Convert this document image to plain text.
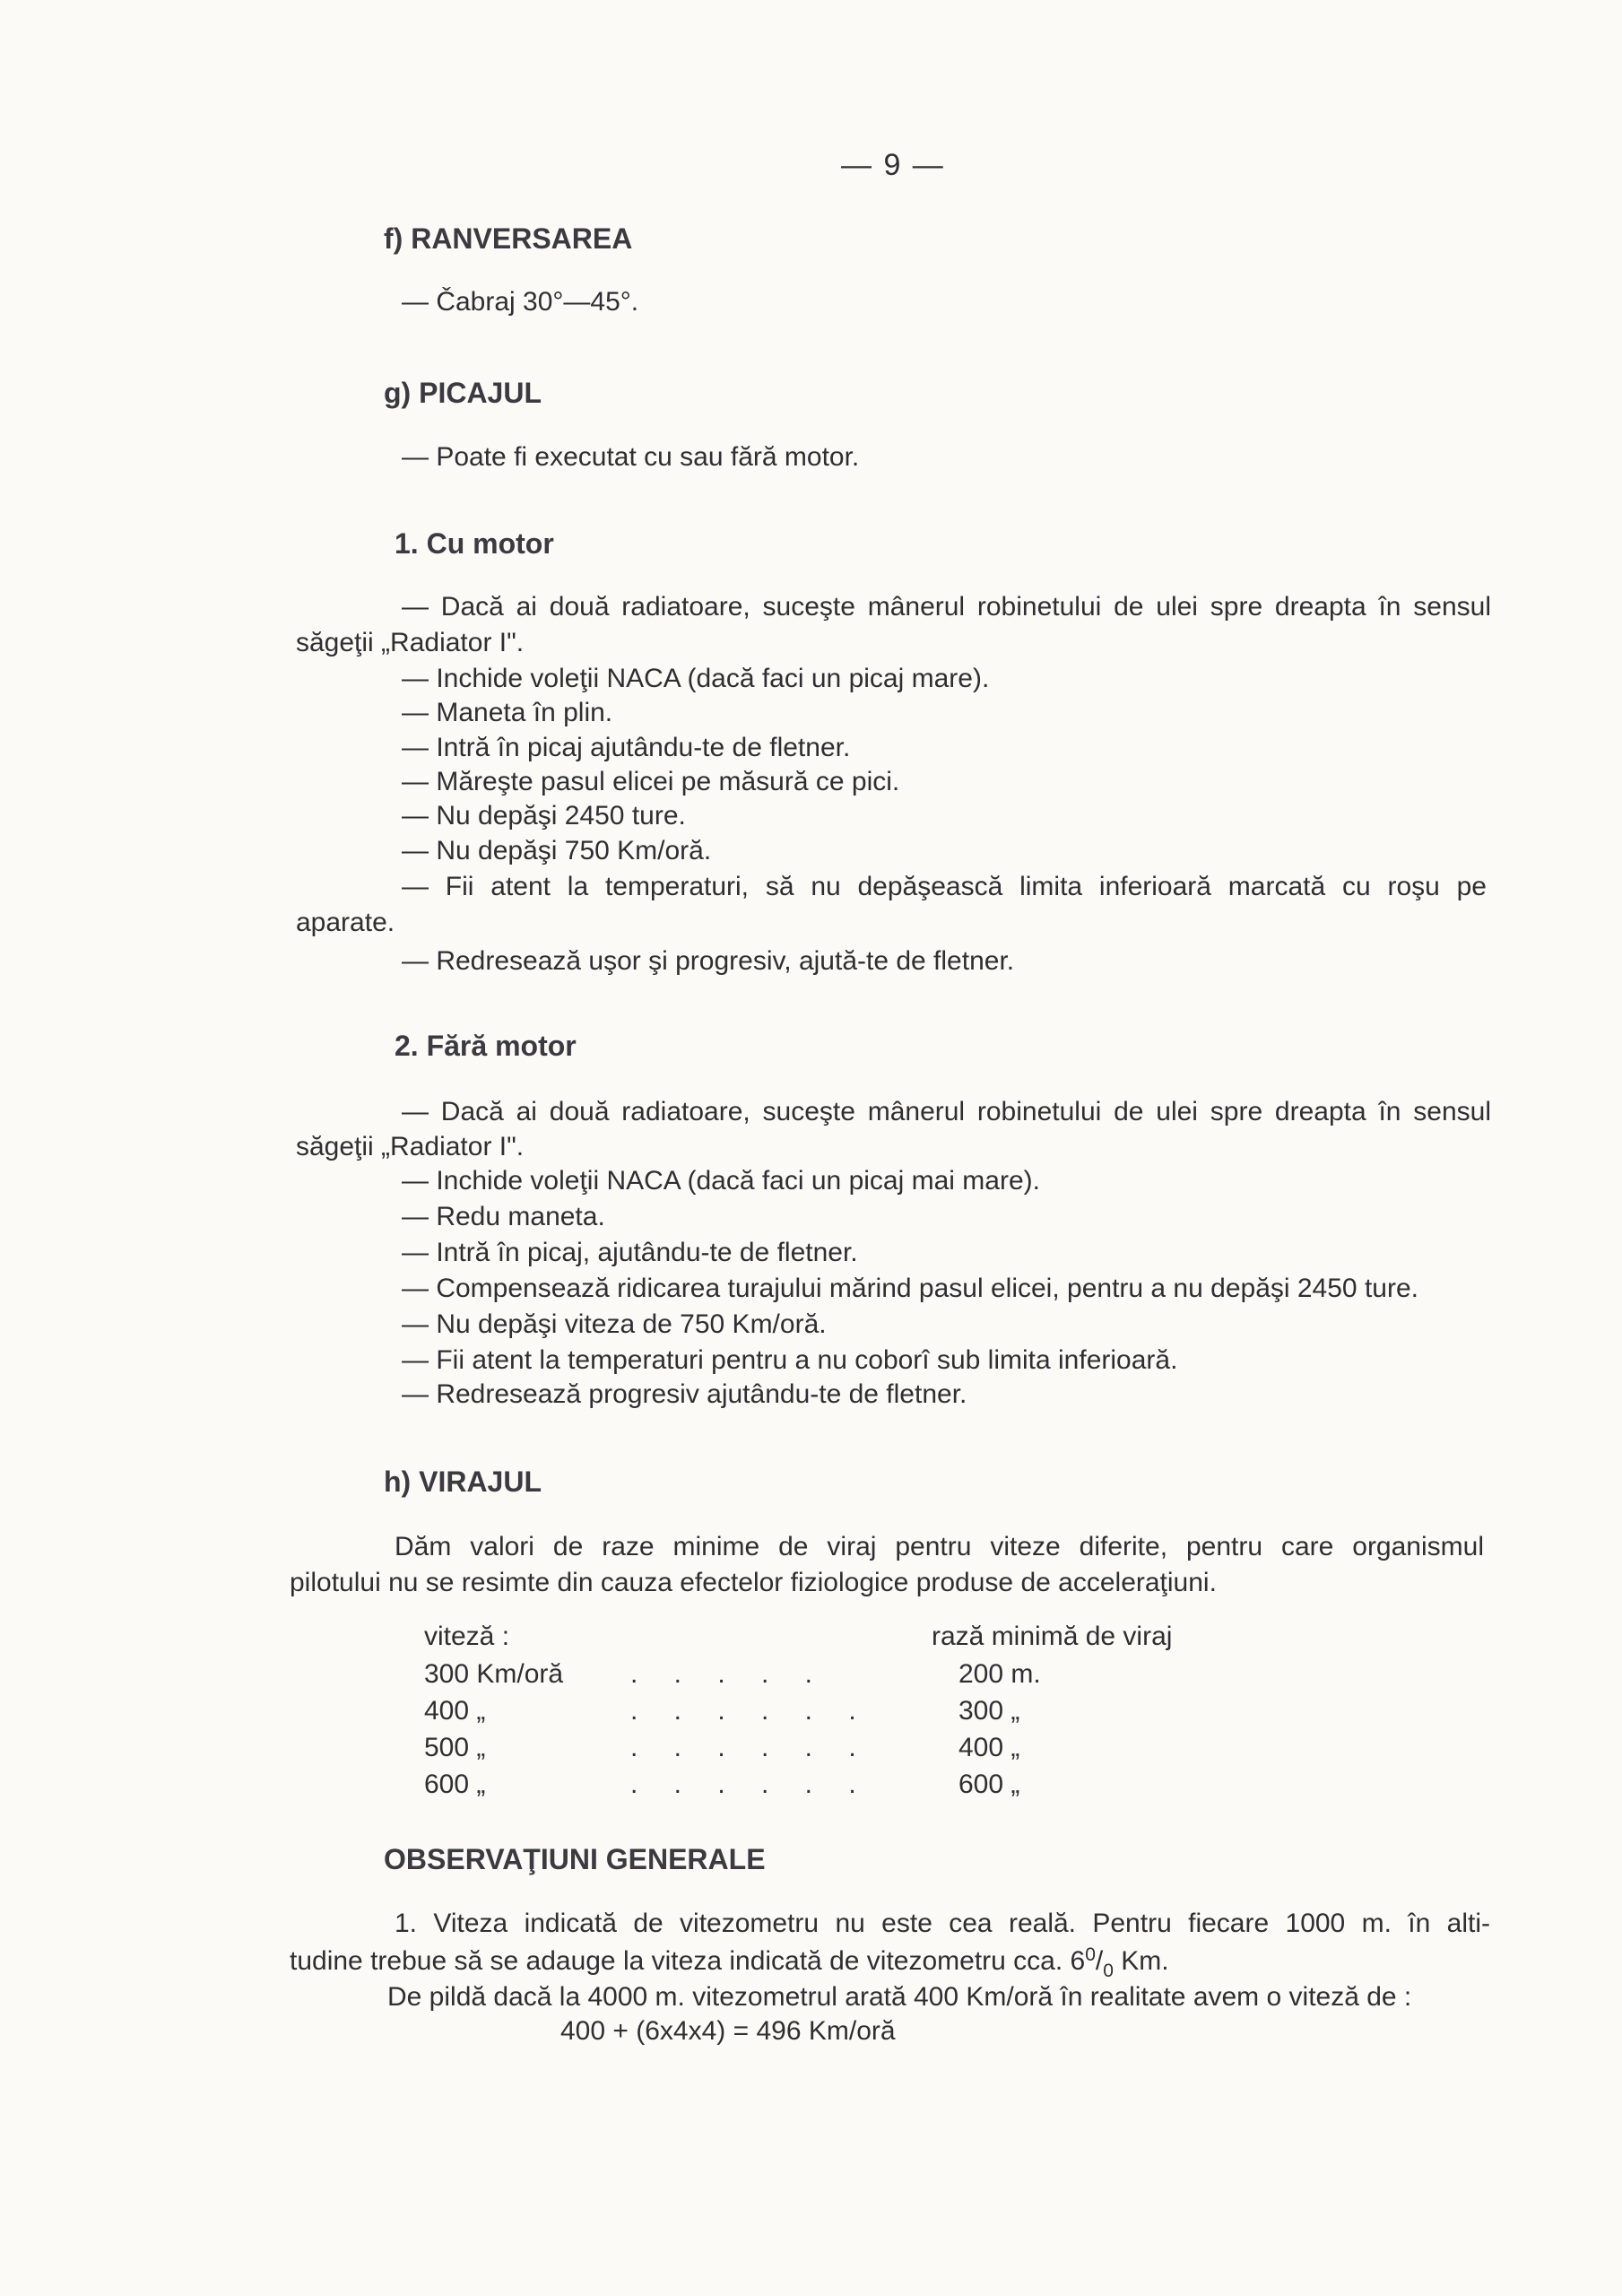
— 9 —
f) RANVERSAREA
— Čabraj 30°—45°.
g) PICAJUL
— Poate fi executat cu sau fără motor.
1. Cu motor
— Dacă ai două radiatoare, suceşte mânerul robinetului de ulei spre dreapta în sensul
săgeţii „Radiator I".
— Inchide voleţii NACA (dacă faci un picaj mare).
— Maneta în plin.
— Intră în picaj ajutându-te de fletner.
— Măreşte pasul elicei pe măsură ce pici.
— Nu depăşi 2450 ture.
— Nu depăşi 750 Km/oră.
— Fii atent la temperaturi, să nu depăşească limita inferioară marcată cu roşu pe
aparate.
— Redresează uşor şi progresiv, ajută-te de fletner.
2. Fără motor
— Dacă ai două radiatoare, suceşte mânerul robinetului de ulei spre dreapta în sensul
săgeţii „Radiator I".
— Inchide voleţii NACA (dacă faci un picaj mai mare).
— Redu maneta.
— Intră în picaj, ajutându-te de fletner.
— Compensează ridicarea turajului mărind pasul elicei, pentru a nu depăşi 2450 ture.
— Nu depăşi viteza de 750 Km/oră.
— Fii atent la temperaturi pentru a nu coborî sub limita inferioară.
— Redresează progresiv ajutându-te de fletner.
h) VIRAJUL
Dăm valori de raze minime de viraj pentru viteze diferite, pentru care organismul
pilotului nu se resimte din cauza efectelor fiziologice produse de acceleraţiuni.
viteză :	rază minimă de viraj
300 Km/oră . . . . .	200 m.
400 „	. . . . . .	300 „
500 „	. . . . . .	400 „
600 „	. . . . . .	600 „
OBSERVAŢIUNI GENERALE
1. Viteza indicată de vitezometru nu este cea reală. Pentru fiecare 1000 m. în alti-
tudine trebue să se adauge la viteza indicată de vitezometru cca. $6^0/_0$ Km.
De pildă dacă la 4000 m. vitezometrul arată 400 Km/oră în realitate avem o viteză de :
400 + (6x4x4) = 496 Km/oră
